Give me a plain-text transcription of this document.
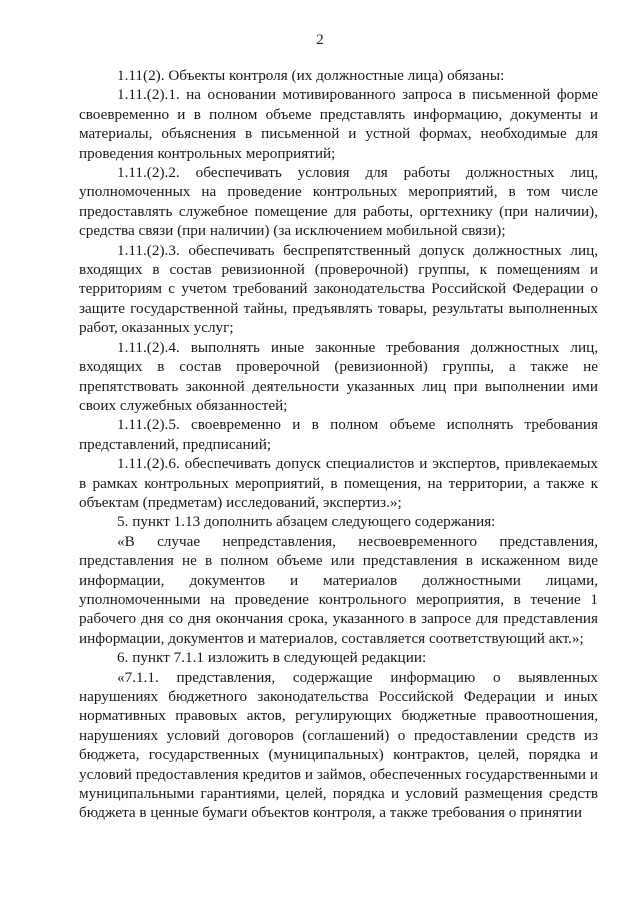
2

1.11(2). Объекты контроля (их должностные лица) обязаны:

1.11.(2).1. на основании мотивированного запроса в письменной форме своевременно и в полном объеме представлять информацию, документы и материалы, объяснения в письменной и устной формах, необходимые для проведения контрольных мероприятий;

1.11.(2).2. обеспечивать условия для работы должностных лиц, уполномоченных на проведение контрольных мероприятий, в том числе предоставлять служебное помещение для работы, оргтехнику (при наличии), средства связи (при наличии) (за исключением мобильной связи);

1.11.(2).3. обеспечивать беспрепятственный допуск должностных лиц, входящих в состав ревизионной (проверочной) группы, к помещениям и территориям с учетом требований законодательства Российской Федерации о защите государственной тайны, предъявлять товары, результаты выполненных работ, оказанных услуг;

1.11.(2).4. выполнять иные законные требования должностных лиц, входящих в состав проверочной (ревизионной) группы, а также не препятствовать законной деятельности указанных лиц при выполнении ими своих служебных обязанностей;

1.11.(2).5. своевременно и в полном объеме исполнять требования представлений, предписаний;

1.11.(2).6. обеспечивать допуск специалистов и экспертов, привлекаемых в рамках контрольных мероприятий, в помещения, на территории, а также к объектам (предметам) исследований, экспертиз.»;

5. пункт 1.13 дополнить абзацем следующего содержания:

«В случае непредставления, несвоевременного представления, представления не в полном объеме или представления в искаженном виде информации, документов и материалов должностными лицами, уполномоченными на проведение контрольного мероприятия, в течение 1 рабочего дня со дня окончания срока, указанного в запросе для представления информации, документов и материалов, составляется соответствующий акт.»;

6. пункт 7.1.1 изложить в следующей редакции:

«7.1.1. представления, содержащие информацию о выявленных нарушениях бюджетного законодательства Российской Федерации и иных нормативных правовых актов, регулирующих бюджетные правоотношения, нарушениях условий договоров (соглашений) о предоставлении средств из бюджета, государственных (муниципальных) контрактов, целей, порядка и условий предоставления кредитов и займов, обеспеченных государственными и муниципальными гарантиями, целей, порядка и условий размещения средств бюджета в ценные бумаги объектов контроля, а также требования о принятии
